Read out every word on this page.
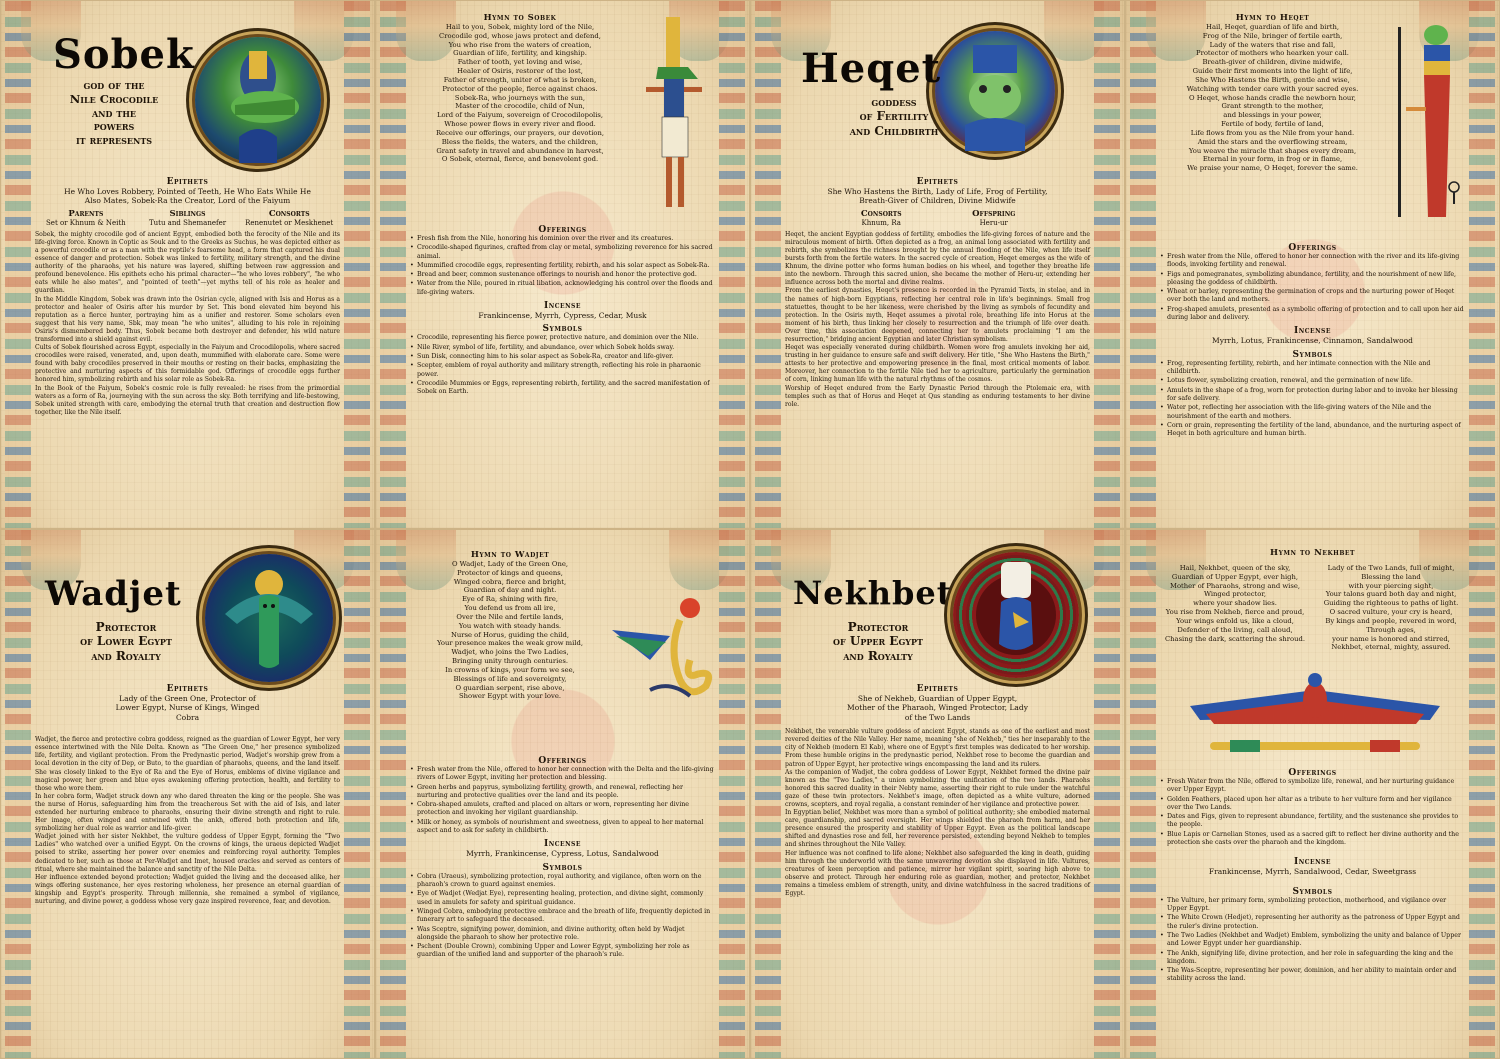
Sobek
god of the
Nile Crocodile
and the
powers
it represents
Epithets
He Who Loves Robbery, Pointed of Teeth, He Who Eats While He Also Mates, Sobek-Ra the Creator, Lord of the Faiyum
Parents
Set or Khnum & Neith
Siblings
Tutu and Shemanefer
Consorts
Renenutet or Meskhenet

Sobek, the mighty crocodile god of ancient Egypt, embodied both the ferocity of the Nile and its life-giving force. Known in Coptic as Souk and to the Greeks as Suchus, he was depicted either as a powerful crocodile or as a man with the reptile's fearsome head, a form that captured his dual essence of danger and protection. Sobek was linked to fertility, military strength, and the divine authority of the pharaohs, yet his nature was layered, shifting between raw aggression and profound benevolence. His epithets echo his primal character—"he who loves robbery", "he who eats while he also mates", and "pointed of teeth"—yet myths tell of his role as healer and guardian.

In the Middle Kingdom, Sobek was drawn into the Osirian cycle, aligned with Isis and Horus as a protector and healer of Osiris after his murder by Set. This bond elevated him beyond his reputation as a fierce hunter, portraying him as a unifier and restorer. Some scholars even suggest that his very name, Sbk, may mean "he who unites", alluding to his role in rejoining Osiris's dismembered body. Thus, Sobek became both destroyer and defender, his wild nature transformed into a shield against evil.

Cults of Sobek flourished across Egypt, especially in the Faiyum and Crocodilopolis, where sacred crocodiles were raised, venerated, and, upon death, mummified with elaborate care. Some were found with baby crocodiles preserved in their mouths or resting on their backs, emphasizing the protective and nurturing aspects of this formidable god. Offerings of crocodile eggs further honored him, symbolizing rebirth and his solar role as Sobek-Ra.

In the Book of the Faiyum, Sobek's cosmic role is fully revealed: he rises from the primordial waters as a form of Ra, journeying with the sun across the sky. Both terrifying and life-bestowing, Sobek united strength with care, embodying the eternal truth that creation and destruction flow together, like the Nile itself.

Hymn to Sobek
Hail to you, Sobek, mighty lord of the Nile,
Crocodile god, whose jaws protect and defend,
You who rise from the waters of creation,
Guardian of life, fertility, and kingship.
Father of tooth, yet loving and wise,
Healer of Osiris, restorer of the lost,
Father of strength, uniter of what is broken,
Protector of the people, fierce against chaos.
Sobek-Ra, who journeys with the sun,
Master of the crocodile, child of Nun,
Lord of the Faiyum, sovereign of Crocodilopolis,
Whose power flows in every river and flood.
Receive our offerings, our prayers, our devotion,
Bless the fields, the waters, and the children,
Grant safety in travel and abundance in harvest,
O Sobek, eternal, fierce, and benevolent god.
Offerings
• Fresh fish from the Nile, honoring his dominion over the river and its creatures.
• Crocodile-shaped figurines, crafted from clay or metal, symbolizing reverence for his sacred animal.
• Mummified crocodile eggs, representing fertility, rebirth, and his solar aspect as Sobek-Ra.
• Bread and beer, common sustenance offerings to nourish and honor the protective god.
• Water from the Nile, poured in ritual libation, acknowledging his control over the floods and life-giving waters.
Incense
Frankincense, Myrrh, Cypress, Cedar, Musk
Symbols
• Crocodile, representing his fierce power, protective nature, and dominion over the Nile.
• Nile River, symbol of life, fertility, and abundance, over which Sobek holds sway.
• Sun Disk, connecting him to his solar aspect as Sobek-Ra, creator and life-giver.
• Scepter, emblem of royal authority and military strength, reflecting his role in pharaonic power.
• Crocodile Mummies or Eggs, representing rebirth, fertility, and the sacred manifestation of Sobek on Earth.
Heqet
goddess
of Fertility
and Childbirth
Epithets
She Who Hastens the Birth, Lady of Life, Frog of Fertility, Breath-Giver of Children, Divine Midwife
Consorts
Khnum, Ra
Offspring
Heru-ur

Heqet, the ancient Egyptian goddess of fertility, embodies the life-giving forces of nature and the miraculous moment of birth. Often depicted as a frog, an animal long associated with fertility and rebirth, she symbolizes the richness brought by the annual flooding of the Nile, when life itself bursts forth from the fertile waters. In the sacred cycle of creation, Heqet emerges as the wife of Khnum, the divine potter who forms human bodies on his wheel, and together they breathe life into the newborn. Through this sacred union, she became the mother of Heru-ur, extending her influence across both the mortal and divine realms.

From the earliest dynasties, Heqet's presence is recorded in the Pyramid Texts, in stelae, and in the names of high-born Egyptians, reflecting her central role in life's beginnings. Small frog statuettes, thought to be her likeness, were cherished by the living as symbols of fecundity and protection. In the Osiris myth, Heqet assumes a pivotal role, breathing life into Horus at the moment of his birth, thus linking her closely to resurrection and the triumph of life over death. Over time, this association deepened, connecting her to amulets proclaiming "I am the resurrection," bridging ancient Egyptian and later Christian symbolism.

Heqet was especially venerated during childbirth. Women wore frog amulets invoking her aid, trusting in her guidance to ensure safe and swift delivery. Her title, "She Who Hastens the Birth," attests to her protective and empowering presence in the final, most critical moments of labor. Moreover, her connection to the fertile Nile tied her to agriculture, particularly the germination of corn, linking human life with the natural rhythms of the cosmos.

Worship of Heqet endured from the Early Dynastic Period through the Ptolemaic era, with temples such as that of Horus and Heqet at Qus standing as enduring testaments to her divine role.

Hymn to Heqet
Hail, Heqet, guardian of life and birth,
Frog of the Nile, bringer of fertile earth,
Lady of the waters that rise and fall,
Protector of mothers who hearken your call.
Breath-giver of children, divine midwife,
Guide their first moments into the light of life,
She Who Hastens the Birth, gentle and wise,
Watching with tender care with your sacred eyes.
O Heqet, whose hands cradle the newborn hour,
Grant strength to the mother,
and blessings in your power,
Fertile of body, fertile of land,
Life flows from you as the Nile from your hand.
Amid the stars and the overflowing stream,
You weave the miracle that shapes every dream,
Eternal in your form, in frog or in flame,
We praise your name, O Heqet, forever the same.
Offerings
• Fresh water from the Nile, offered to honor her connection with the river and its life-giving floods, invoking fertility and renewal.
• Figs and pomegranates, symbolizing abundance, fertility, and the nourishment of new life, pleasing the goddess of childbirth.
• Wheat or barley, representing the germination of crops and the nurturing power of Heqet over both the land and mothers.
• Frog-shaped amulets, presented as a symbolic offering of protection and to call upon her aid during labor and delivery.
Incense
Myrrh, Lotus, Frankincense, Cinnamon, Sandalwood
Symbols
• Frog, representing fertility, rebirth, and her intimate connection with the Nile and childbirth.
• Lotus flower, symbolizing creation, renewal, and the germination of new life.
• Amulets in the shape of a frog, worn for protection during labor and to invoke her blessing for safe delivery.
• Water pot, reflecting her association with the life-giving waters of the Nile and the nourishment of the earth and mothers.
• Corn or grain, representing the fertility of the land, abundance, and the nurturing aspect of Heqet in both agriculture and human birth.
Wadjet
Protector
of Lower Egypt
and Royalty
Epithets
Lady of the Green One, Protector of Lower Egypt, Nurse of Kings, Winged Cobra

Wadjet, the fierce and protective cobra goddess, reigned as the guardian of Lower Egypt, her very essence intertwined with the Nile Delta. Known as "The Green One," her presence symbolized life, fertility, and vigilant protection. From the Predynastic period, Wadjet's worship grew from a local devotion in the city of Dep, or Buto, to the guardian of pharaohs, queens, and the land itself. She was closely linked to the Eye of Ra and the Eye of Horus, emblems of divine vigilance and magical power, her green and blue eyes awakening offering protection, health, and fertility to those who wore them.

In her cobra form, Wadjet struck down any who dared threaten the king or the people. She was the nurse of Horus, safeguarding him from the treacherous Set with the aid of Isis, and later extended her nurturing embrace to pharaohs, ensuring their divine strength and right to rule. Her image, often winged and entwined with the ankh, offered both protection and life, symbolizing her dual role as warrior and life-giver.

Wadjet joined with her sister Nekhbet, the vulture goddess of Upper Egypt, forming the "Two Ladies" who watched over a unified Egypt. On the crowns of kings, the uraeus depicted Wadjet poised to strike, asserting her power over enemies and reinforcing royal authority. Temples dedicated to her, such as those at Per-Wadjet and Imet, housed oracles and served as centers of ritual, where she maintained the balance and sanctity of the Nile Delta.

Her influence extended beyond protection; Wadjet guided the living and the deceased alike, her wings offering sustenance, her eyes restoring wholeness, her presence an eternal guardian of kingship and Egypt's prosperity. Through millennia, she remained a symbol of vigilance, nurturing, and divine power, a goddess whose very gaze inspired reverence, fear, and devotion.

Hymn to Wadjet
O Wadjet, Lady of the Green One,
Protector of kings and queens,
Winged cobra, fierce and bright,
Guardian of day and night.
Eye of Ra, shining with fire,
You defend us from all ire,
Over the Nile and fertile lands,
You watch with steady hands.
Nurse of Horus, guiding the child,
Your presence makes the weak grow mild,
Wadjet, who joins the Two Ladies,
Bringing unity through centuries.
In crowns of kings, your form we see,
Blessings of life and sovereignty,
O guardian serpent, rise above,
Shower Egypt with your love.
Offerings
• Fresh water from the Nile, offered to honor her connection with the Delta and the life-giving rivers of Lower Egypt, inviting her protection and blessing.
• Green herbs and papyrus, symbolizing fertility, growth, and renewal, reflecting her nurturing and protective qualities over the land and its people.
• Cobra-shaped amulets, crafted and placed on altars or worn, representing her divine protection and invoking her vigilant guardianship.
• Milk or honey, as symbols of nourishment and sweetness, given to appeal to her maternal aspect and to ask for safety in childbirth.
Incense
Myrrh, Frankincense, Cypress, Lotus, Sandalwood
Symbols
• Cobra (Uraeus), symbolizing protection, royal authority, and vigilance, often worn on the pharaoh's crown to guard against enemies.
• Eye of Wadjet (Wedjat Eye), representing healing, protection, and divine sight, commonly used in amulets for safety and spiritual guidance.
• Winged Cobra, embodying protective embrace and the breath of life, frequently depicted in funerary art to safeguard the deceased.
• Was Sceptre, signifying power, dominion, and divine authority, often held by Wadjet alongside the pharaoh to show her protective role.
• Pschent (Double Crown), combining Upper and Lower Egypt, symbolizing her role as guardian of the unified land and supporter of the pharaoh's rule.
Nekhbet
Protector
of Upper Egypt
and Royalty
Epithets
She of Nekheb, Guardian of Upper Egypt, Mother of the Pharaoh, Winged Protector, Lady of the Two Lands

Nekhbet, the venerable vulture goddess of ancient Egypt, stands as one of the earliest and most revered deities of the Nile Valley. Her name, meaning "she of Nekheb," ties her inseparably to the city of Nekheb (modern El Kab), where one of Egypt's first temples was dedicated to her worship. From these humble origins in the predynastic period, Nekhbet rose to become the guardian and patron of Upper Egypt, her protective wings encompassing the land and its rulers.

As the companion of Wadjet, the cobra goddess of Lower Egypt, Nekhbet formed the divine pair known as the "Two Ladies," a union symbolizing the unification of the two lands. Pharaohs honored this sacred duality in their Nebty name, asserting their right to rule under the watchful gaze of these twin protectors. Nekhbet's image, often depicted as a white vulture, adorned crowns, scepters, and royal regalia, a constant reminder of her vigilance and protective power.

In Egyptian belief, Nekhbet was more than a symbol of political authority; she embodied maternal care, guardianship, and sacred oversight. Her wings shielded the pharaoh from harm, and her presence ensured the prosperity and stability of Upper Egypt. Even as the political landscape shifted and dynasties rose and fell, her reverence persisted, extending beyond Nekheb to temples and shrines throughout the Nile Valley.

Her influence was not confined to life alone; Nekhbet also safeguarded the king in death, guiding him through the underworld with the same unwavering devotion she displayed in life. Vultures, creatures of keen perception and patience, mirror her vigilant spirit, soaring high above to observe and protect. Through her enduring role as guardian, mother, and protector, Nekhbet remains a timeless emblem of strength, unity, and divine watchfulness in the sacred traditions of Egypt.

Hymn to Nekhbet
Hail, Nekhbet, queen of the sky,
Guardian of Upper Egypt, ever high,
Mother of Pharaohs, strong and wise,
Winged protector,
where your shadow lies.
You rise from Nekheb, fierce and proud,
Your wings enfold us, like a cloud,
Defender of the living, call aloud,
Chasing the dark, scattering the shroud.
Lady of the Two Lands, full of might,
Blessing the land
with your piercing sight,
Your talons guard both day and night,
Guiding the righteous to paths of light.
O sacred vulture, your cry is heard,
By kings and people, revered in word,
Through ages,
your name is honored and stirred,
Nekhbet, eternal, mighty, assured.
Offerings
• Fresh Water from the Nile, offered to symbolize life, renewal, and her nurturing guidance over Upper Egypt.
• Golden Feathers, placed upon her altar as a tribute to her vulture form and her vigilance over the Two Lands.
• Dates and Figs, given to represent abundance, fertility, and the sustenance she provides to the people.
• Blue Lapis or Carnelian Stones, used as a sacred gift to reflect her divine authority and the protection she casts over the pharaoh and the kingdom.
Incense
Frankincense, Myrrh, Sandalwood, Cedar, Sweetgrass
Symbols
• The Vulture, her primary form, symbolizing protection, motherhood, and vigilance over Upper Egypt.
• The White Crown (Hedjet), representing her authority as the patroness of Upper Egypt and the ruler's divine protection.
• The Two Ladies (Nekhbet and Wadjet) Emblem, symbolizing the unity and balance of Upper and Lower Egypt under her guardianship.
• The Ankh, signifying life, divine protection, and her role in safeguarding the king and the kingdom.
• The Was-Sceptre, representing her power, dominion, and her ability to maintain order and stability across the land.
